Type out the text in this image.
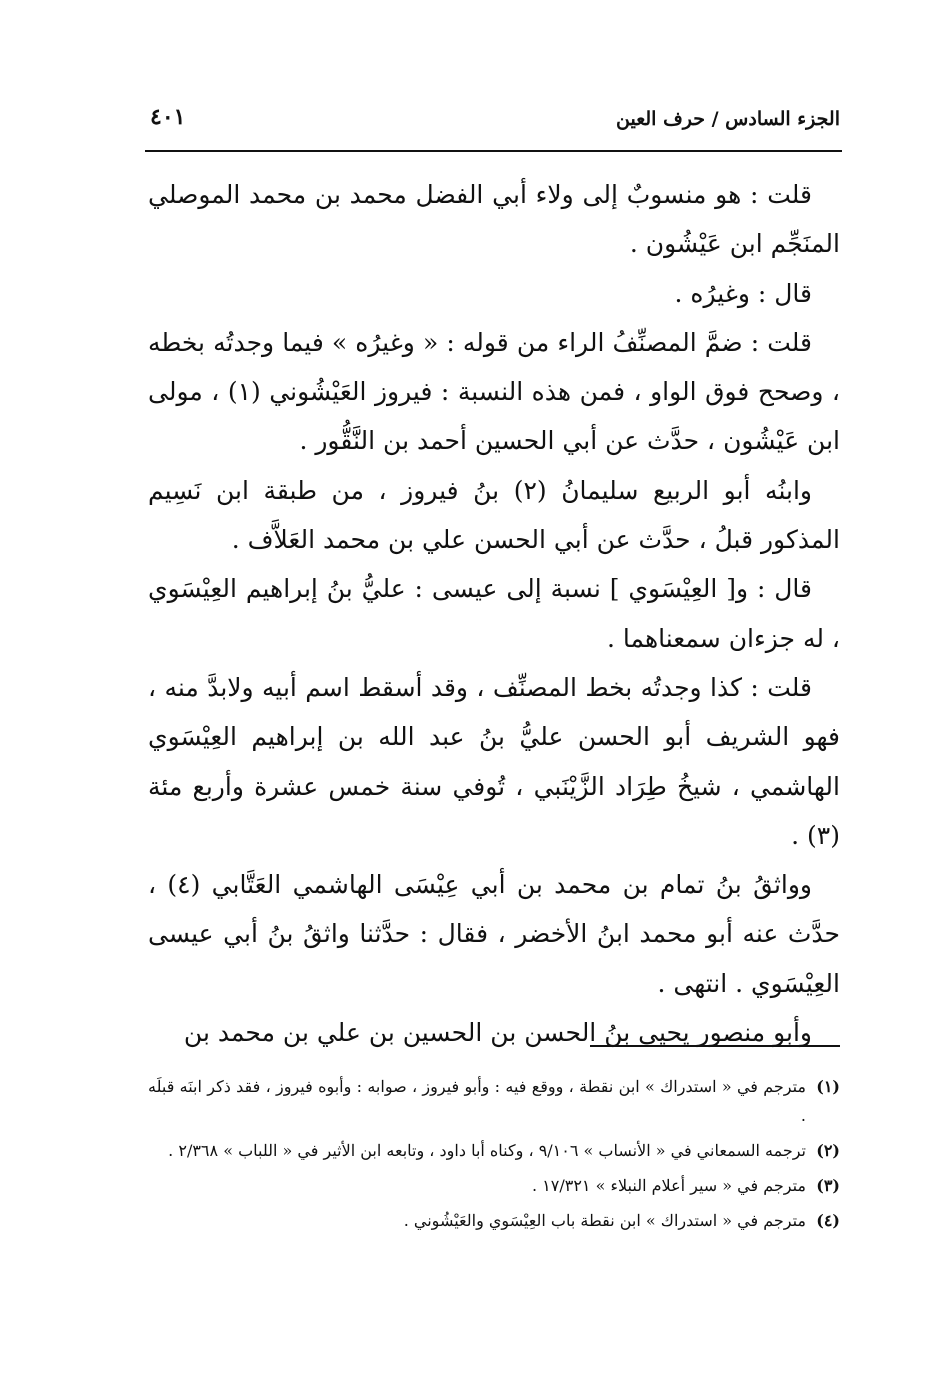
الجزء السادس / حرف العين
٤٠١

قلت : هو منسوبٌ إلى ولاء أبي الفضل محمد بن محمد الموصلي المنَجِّم ابن عَيْشُون .

قال : وغيرُه .

قلت : ضمَّ المصنِّفُ الراء من قوله : « وغيرُه » فيما وجدتُه بخطه ، وصحح فوق الواو ، فمن هذه النسبة : فيروز العَيْشُوني (١) ، مولى ابن عَيْشُون ، حدَّث عن أبي الحسين أحمد بن النَّقُّور .

وابنُه أبو الربيع سليمانُ (٢) بنُ فيروز ، من طبقة ابن نَسِيم المذكور قبلُ ، حدَّث عن أبي الحسن علي بن محمد العَلاَّف .

قال : و[ العِيْسَوي ] نسبة إلى عيسى : عليُّ بنُ إبراهيم العِيْسَوي ، له جزءان سمعناهما .

قلت : كذا وجدتُه بخط المصنِّف ، وقد أسقط اسم أبيه ولابدَّ منه ، فهو الشريف أبو الحسن عليُّ بنُ عبد الله بن إبراهيم العِيْسَوي الهاشمي ، شيخُ طِرَاد الزَّيْنَبي ، تُوفي سنة خمس عشرة وأربع مئة (٣) .

وواثقُ بنُ تمام بن محمد بن أبي عِيْسَى الهاشمي العَتَّابي (٤) ، حدَّث عنه أبو محمد ابنُ الأخضر ، فقال : حدَّثنا واثقُ بنُ أبي عيسى العِيْسَوي . انتهى .

وأبو منصور يحيى بنُ الحسن بن الحسين بن علي بن محمد بن

(١)
مترجم في « استدراك » ابن نقطة ، ووقع فيه : وأبو فيروز ، صوابه : وأبوه فيروز ، فقد ذكر ابنَه قبلَه .
(٢)
ترجمه السمعاني في « الأنساب » ٩/١٠٦ ، وكناه أبا داود ، وتابعه ابن الأثير في « اللباب » ٢/٣٦٨ .
(٣)
مترجم في « سير أعلام النبلاء » ١٧/٣٢١ .
(٤)
مترجم في « استدراك » ابن نقطة باب العِيْسَوي والعَيْشُوني .
